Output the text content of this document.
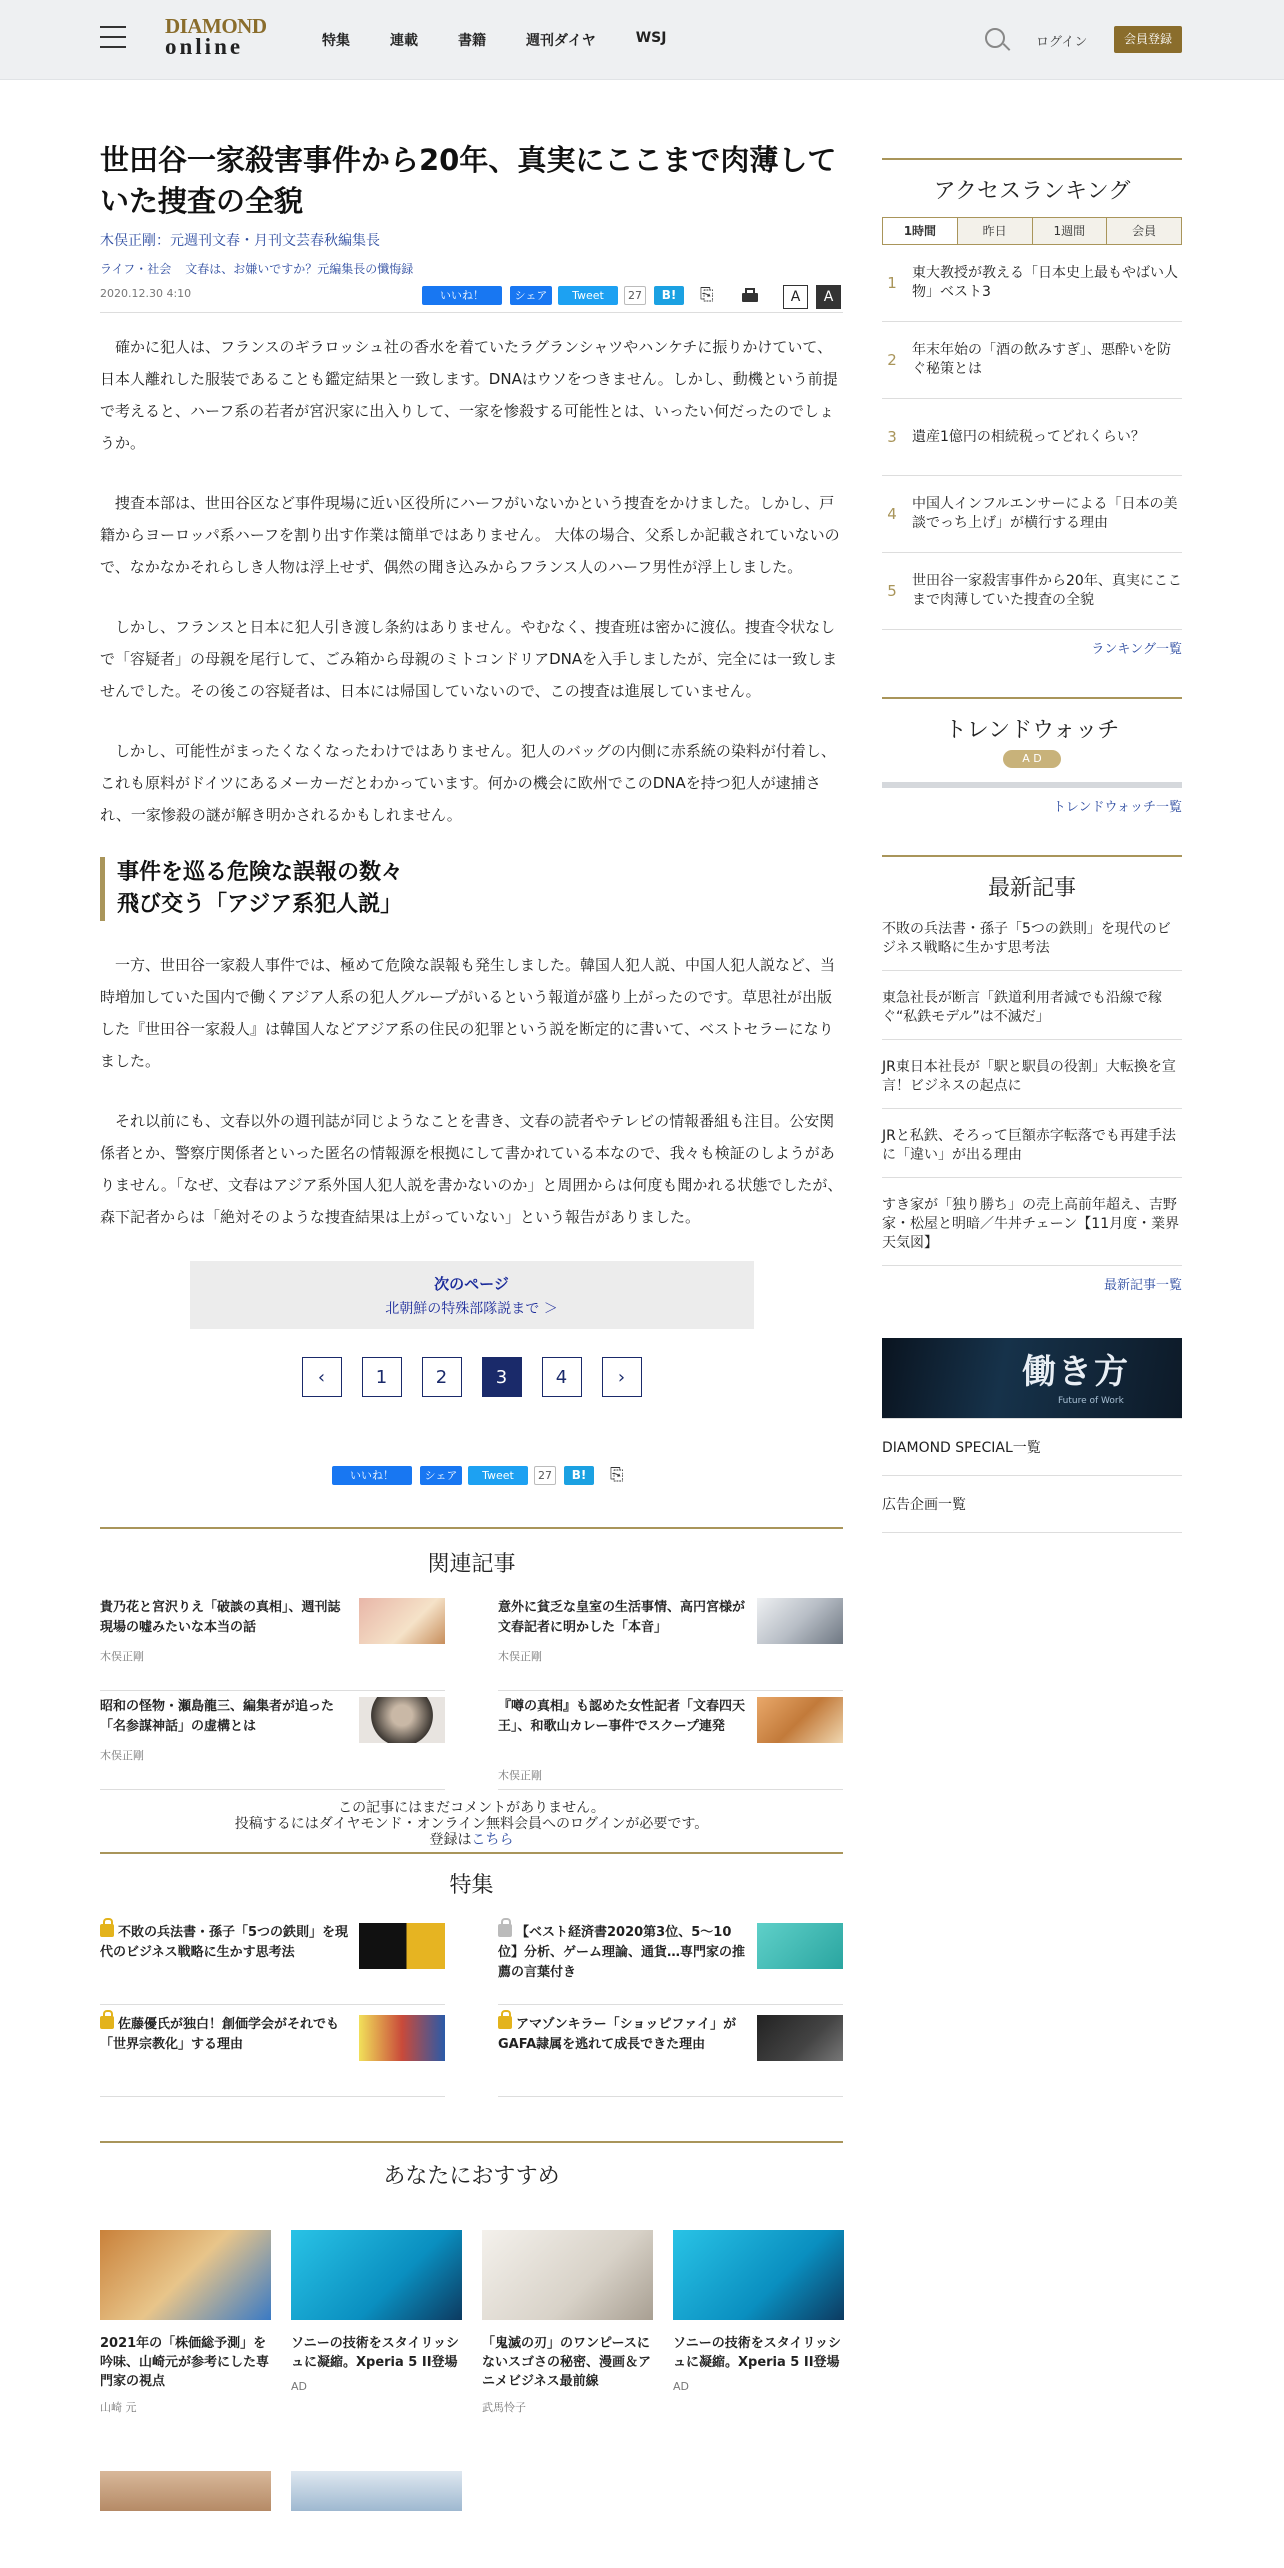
DIAMOND
online	特集	連載	書籍	週刊ダイヤ	WSJ	ログイン	会員登録
世田谷一家殺害事件から20年、真実にここまで肉薄していた捜査の全貌
木俣正剛：元週刊文春・月刊文芸春秋編集長
ライフ・社会 文春は、お嫌いですか？元編集長の懺悔録
2020.12.30 4:10	いいね！	シェア	Tweet	27	B!	⎘	A	A

確かに犯人は、フランスのギラロッシュ社の香水を着ていたラグランシャツやハンケチに振りかけていて、日本人離れした服装であることも鑑定結果と一致します。DNAはウソをつきません。しかし、動機という前提で考えると、ハーフ系の若者が宮沢家に出入りして、一家を惨殺する可能性とは、いったい何だったのでしょうか。

捜査本部は、世田谷区など事件現場に近い区役所にハーフがいないかという捜査をかけました。しかし、戸籍からヨーロッパ系ハーフを割り出す作業は簡単ではありません。 大体の場合、父系しか記載されていないので、なかなかそれらしき人物は浮上せず、偶然の聞き込みからフランス人のハーフ男性が浮上しました。

しかし、フランスと日本に犯人引き渡し条約はありません。やむなく、捜査班は密かに渡仏。捜査令状なしで「容疑者」の母親を尾行して、ごみ箱から母親のミトコンドリアDNAを入手しましたが、完全には一致しませんでした。その後この容疑者は、日本には帰国していないので、この捜査は進展していません。

しかし、可能性がまったくなくなったわけではありません。犯人のバッグの内側に赤系統の染料が付着し、これも原料がドイツにあるメーカーだとわかっています。何かの機会に欧州でこのDNAを持つ犯人が逮捕され、一家惨殺の謎が解き明かされるかもしれません。

事件を巡る危険な誤報の数々
飛び交う「アジア系犯人説」

一方、世田谷一家殺人事件では、極めて危険な誤報も発生しました。韓国人犯人説、中国人犯人説など、当時増加していた国内で働くアジア人系の犯人グループがいるという報道が盛り上がったのです。草思社が出版した『世田谷一家殺人』は韓国人などアジア系の住民の犯罪という説を断定的に書いて、ベストセラーになりました。

それ以前にも、文春以外の週刊誌が同じようなことを書き、文春の読者やテレビの情報番組も注目。公安関係者とか、警察庁関係者といった匿名の情報源を根拠にして書かれている本なので、我々も検証のしようがありません。「なぜ、文春はアジア系外国人犯人説を書かないのか」と周囲からは何度も聞かれる状態でしたが、森下記者からは「絶対そのような捜査結果は上がっていない」という報告がありました。

次のページ
北朝鮮の特殊部隊説まで ＞
‹	1	2	3	4	›
いいね！	シェア	Tweet	27	B!	⎘
関連記事
貴乃花と宮沢りえ「破談の真相」、週刊誌現場の嘘みたいな本当の話
木俣正剛
意外に貧乏な皇室の生活事情、高円宮様が文春記者に明かした「本音」
木俣正剛
昭和の怪物・瀬島龍三、編集者が追った「名参謀神話」の虚構とは
木俣正剛
『噂の真相』も認めた女性記者「文春四天王」、和歌山カレー事件でスクープ連発
木俣正剛
この記事にはまだコメントがありません。
投稿するにはダイヤモンド・オンライン無料会員へのログインが必要です。
登録はこちら
特集
不敗の兵法書・孫子「5つの鉄則」を現代のビジネス戦略に生かす思考法
【ベスト経済書2020第3位、5～10位】分析、ゲーム理論、通貨…専門家の推薦の言葉付き
佐藤優氏が独白！創価学会がそれでも「世界宗教化」する理由
アマゾンキラー「ショッピファイ」がGAFA隷属を逃れて成長できた理由
あなたにおすすめ
2021年の「株価総予測」を吟味、山崎元が参考にした専門家の視点
山崎 元
ソニーの技術をスタイリッシュに凝縮。Xperia 5 II登場
AD
「鬼滅の刃」のワンピースにないスゴさの秘密、漫画＆アニメビジネス最前線
武馬怜子
ソニーの技術をスタイリッシュに凝縮。Xperia 5 II登場
AD
アクセスランキング
1時間	昨日	1週間	会員
1
東大教授が教える「日本史上最もやばい人物」ベスト3
2
年末年始の「酒の飲みすぎ」、悪酔いを防ぐ秘策とは
3	遺産1億円の相続税ってどれくらい？
4
中国人インフルエンサーによる「日本の美談でっち上げ」が横行する理由
5
世田谷一家殺害事件から20年、真実にここまで肉薄していた捜査の全貌
ランキング一覧
トレンドウォッチ
A D
トレンドウォッチ一覧
最新記事
不敗の兵法書・孫子「5つの鉄則」を現代のビジネス戦略に生かす思考法
東急社長が断言「鉄道利用者減でも沿線で稼ぐ“私鉄モデル”は不滅だ」
JR東日本社長が「駅と駅員の役割」大転換を宣言！ビジネスの起点に
JRと私鉄、そろって巨額赤字転落でも再建手法に「違い」が出る理由
すき家が「独り勝ち」の売上高前年超え、吉野家・松屋と明暗／牛丼チェーン【11月度・業界天気図】
最新記事一覧
働き方
Future of Work
DIAMOND SPECIAL一覧
広告企画一覧
